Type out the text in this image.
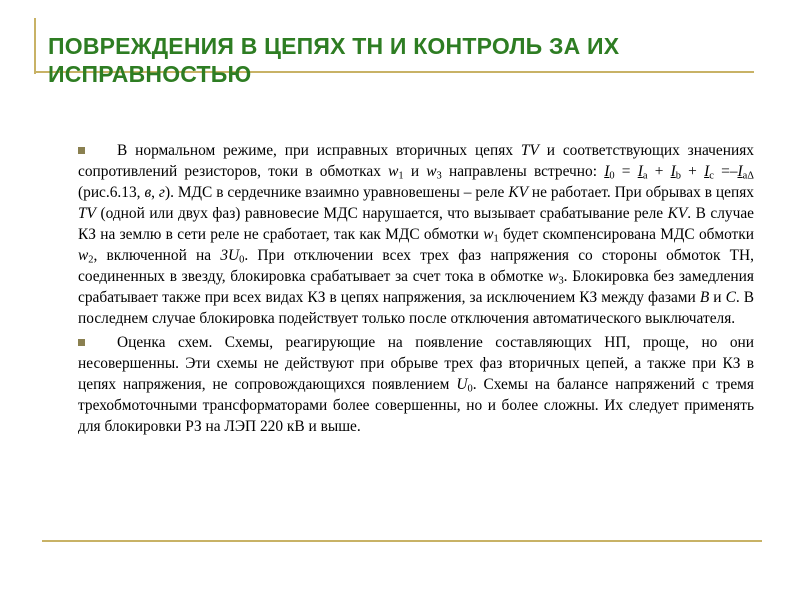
ПОВРЕЖДЕНИЯ В ЦЕПЯХ ТН И КОНТРОЛЬ ЗА ИХ
ИСПРАВНОСТЬЮ

В нормальном режиме, при исправных вторичных цепях TV и соответствующих значениях сопротивлений резисторов, токи в обмотках $w_1$ и $w_3$ направлены встречно: $I_0 = I_a + I_b + I_c =-I_{a\Delta}$ (рис.6.13, в, г). МДС в сердечнике взаимно уравновешены – реле KV не работает. При обрывах в цепях TV (одной или двух фаз) равновесие МДС нарушается, что вызывает срабатывание реле KV. В случае КЗ на землю в сети реле не сработает, так как МДС обмотки $w_1$ будет скомпенсирована МДС обмотки $w_2$, включенной на $3U_0$. При отключении всех трех фаз напряжения со стороны обмоток ТН, соединенных в звезду, блокировка срабатывает за счет тока в обмотке $w_3$. Блокировка без замедления срабатывает также при всех видах КЗ в цепях напряжения, за исключением КЗ между фазами B и C. В последнем случае блокировка подействует только после отключения автоматического выключателя.

Оценка схем. Схемы, реагирующие на появление составляющих НП, проще, но они несовершенны. Эти схемы не действуют при обрыве трех фаз вторичных цепей, а также при КЗ в цепях напряжения, не сопровождающихся появлением $U_0$. Схемы на балансе напряжений с тремя трехобмоточными трансформаторами более совершенны, но и более сложны. Их следует применять для блокировки РЗ на ЛЭП 220 кВ и выше.
